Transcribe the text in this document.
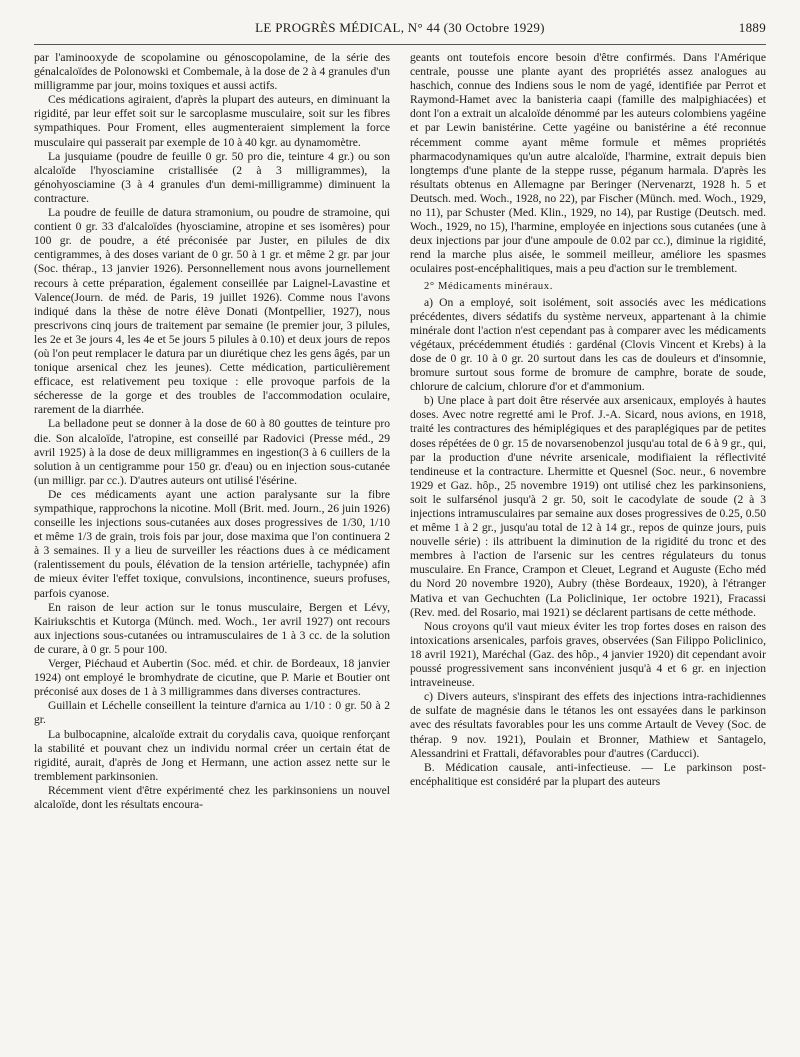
LE PROGRÈS MÉDICAL, N° 44 (30 Octobre 1929)	1889

par l'aminooxyde de scopolamine ou génoscopolamine, de la série des génalcaloïdes de Polonowski et Combemale, à la dose de 2 à 4 granules d'un milligramme par jour, moins toxiques et aussi actifs.

Ces médications agiraient, d'après la plupart des auteurs, en diminuant la rigidité, par leur effet soit sur le sarcoplasme musculaire, soit sur les fibres sympathiques. Pour Froment, elles augmenteraient simplement la force musculaire qui passerait par exemple de 10 à 40 kgr. au dynamomètre.

La jusquiame (poudre de feuille 0 gr. 50 pro die, teinture 4 gr.) ou son alcaloïde l'hyosciamine cristallisée (2 à 3 milligrammes), la génohyosciamine (3 à 4 granules d'un demi-milligramme) diminuent la contracture.

La poudre de feuille de datura stramonium, ou poudre de stramoine, qui contient 0 gr. 33 d'alcaloïdes (hyosciamine, atropine et ses isomères) pour 100 gr. de poudre, a été préconisée par Juster, en pilules de dix centigrammes, à des doses variant de 0 gr. 50 à 1 gr. et même 2 gr. par jour (Soc. thérap., 13 janvier 1926). Personnellement nous avons journellement recours à cette préparation, également conseillée par Laignel-Lavastine et Valence(Journ. de méd. de Paris, 19 juillet 1926). Comme nous l'avons indiqué dans la thèse de notre élève Donati (Montpellier, 1927), nous prescrivons cinq jours de traitement par semaine (le premier jour, 3 pilules, les 2e et 3e jours 4, les 4e et 5e jours 5 pilules à 0.10) et deux jours de repos (où l'on peut remplacer le datura par un diurétique chez les gens âgés, par un tonique arsenical chez les jeunes). Cette médication, particulièrement efficace, est relativement peu toxique : elle provoque parfois de la sécheresse de la gorge et des troubles de l'accommodation oculaire, rarement de la diarrhée.

La belladone peut se donner à la dose de 60 à 80 gouttes de teinture pro die. Son alcaloïde, l'atropine, est conseillé par Radovici (Presse méd., 29 avril 1925) à la dose de deux milligrammes en ingestion(3 à 6 cuillers de la solution à un centigramme pour 150 gr. d'eau) ou en injection sous-cutanée (un milligr. par cc.). D'autres auteurs ont utilisé l'ésérine.

De ces médicaments ayant une action paralysante sur la fibre sympathique, rapprochons la nicotine. Moll (Brit. med. Journ., 26 juin 1926) conseille les injections sous-cutanées aux doses progressives de 1/30, 1/10 et même 1/3 de grain, trois fois par jour, dose maxima que l'on continuera 2 à 3 semaines. Il y a lieu de surveiller les réactions dues à ce médicament (ralentissement du pouls, élévation de la tension artérielle, tachypnée) afin de mieux éviter l'effet toxique, convulsions, incontinence, sueurs profuses, parfois cyanose.

En raison de leur action sur le tonus musculaire, Bergen et Lévy, Kairiukschtis et Kutorga (Münch. med. Woch., 1er avril 1927) ont recours aux injections sous-cutanées ou intramusculaires de 1 à 3 cc. de la solution de curare, à 0 gr. 5 pour 100.

Verger, Piéchaud et Aubertin (Soc. méd. et chir. de Bordeaux, 18 janvier 1924) ont employé le bromhydrate de cicutine, que P. Marie et Boutier ont préconisé aux doses de 1 à 3 milligrammes dans diverses contractures.

Guillain et Léchelle conseillent la teinture d'arnica au 1/10 : 0 gr. 50 à 2 gr.

La bulbocapnine, alcaloïde extrait du corydalis cava, quoique renforçant la stabilité et pouvant chez un individu normal créer un certain état de rigidité, aurait, d'après de Jong et Hermann, une action assez nette sur le tremblement parkinsonien.

Récemment vient d'être expérimenté chez les parkinsoniens un nouvel alcaloïde, dont les résultats encoura-

geants ont toutefois encore besoin d'être confirmés. Dans l'Amérique centrale, pousse une plante ayant des propriétés assez analogues au haschich, connue des Indiens sous le nom de yagé, identifiée par Perrot et Raymond-Hamet avec la banisteria caapi (famille des malpighiacées) et dont l'on a extrait un alcaloïde dénommé par les auteurs colombiens yagéine et par Lewin banistérine. Cette yagéine ou banistérine a été reconnue récemment comme ayant même formule et mêmes propriétés pharmacodynamiques qu'un autre alcaloïde, l'harmine, extrait depuis bien longtemps d'une plante de la steppe russe, péganum harmala. D'après les résultats obtenus en Allemagne par Beringer (Nervenarzt, 1928 h. 5 et Deutsch. med. Woch., 1928, no 22), par Fischer (Münch. med. Woch., 1929, no 11), par Schuster (Med. Klin., 1929, no 14), par Rustige (Deutsch. med. Woch., 1929, no 15), l'harmine, employée en injections sous cutanées (une à deux injections par jour d'une ampoule de 0.02 par cc.), diminue la rigidité, rend la marche plus aisée, le sommeil meilleur, améliore les spasmes oculaires post-encéphalitiques, mais a peu d'action sur le tremblement.

2° Médicaments minéraux.

a) On a employé, soit isolément, soit associés avec les médications précédentes, divers sédatifs du système nerveux, appartenant à la chimie minérale dont l'action n'est cependant pas à comparer avec les médicaments végétaux, précédemment étudiés : gardénal (Clovis Vincent et Krebs) à la dose de 0 gr. 10 à 0 gr. 20 surtout dans les cas de douleurs et d'insomnie, bromure surtout sous forme de bromure de camphre, borate de soude, chlorure de calcium, chlorure d'or et d'ammonium.

b) Une place à part doit être réservée aux arsenicaux, employés à hautes doses. Avec notre regretté ami le Prof. J.-A. Sicard, nous avions, en 1918, traité les contractures des hémiplégiques et des paraplégiques par de petites doses répétées de 0 gr. 15 de novarsenobenzol jusqu'au total de 6 à 9 gr., qui, par la production d'une névrite arsenicale, modifiaient la réflectivité tendineuse et la contracture. Lhermitte et Quesnel (Soc. neur., 6 novembre 1929 et Gaz. hôp., 25 novembre 1919) ont utilisé chez les parkinsoniens, soit le sulfarsénol jusqu'à 2 gr. 50, soit le cacodylate de soude (2 à 3 injections intramusculaires par semaine aux doses progressives de 0.25, 0.50 et même 1 à 2 gr., jusqu'au total de 12 à 14 gr., repos de quinze jours, puis nouvelle série) : ils attribuent la diminution de la rigidité du tronc et des membres à l'action de l'arsenic sur les centres régulateurs du tonus musculaire. En France, Crampon et Cleuet, Legrand et Auguste (Echo méd du Nord 20 novembre 1920), Aubry (thèse Bordeaux, 1920), à l'étranger Mativa et van Gechuchten (La Policlinique, 1er octobre 1921), Fracassi (Rev. med. del Rosario, mai 1921) se déclarent partisans de cette méthode.

Nous croyons qu'il vaut mieux éviter les trop fortes doses en raison des intoxications arsenicales, parfois graves, observées (San Filippo Policlinico, 18 avril 1921), Maréchal (Gaz. des hôp., 4 janvier 1920) dit cependant avoir poussé progressivement sans inconvénient jusqu'à 4 et 6 gr. en injection intraveineuse.

c) Divers auteurs, s'inspirant des effets des injections intra-rachidiennes de sulfate de magnésie dans le tétanos les ont essayées dans le parkinson avec des résultats favorables pour les uns comme Artault de Vevey (Soc. de thérap. 9 nov. 1921), Poulain et Bronner, Mathiew et Santagelo, Alessandrini et Frattali, défavorables pour d'autres (Carducci).

B. Médication causale, anti-infectieuse. — Le parkinson post-encéphalitique est considéré par la plupart des auteurs
